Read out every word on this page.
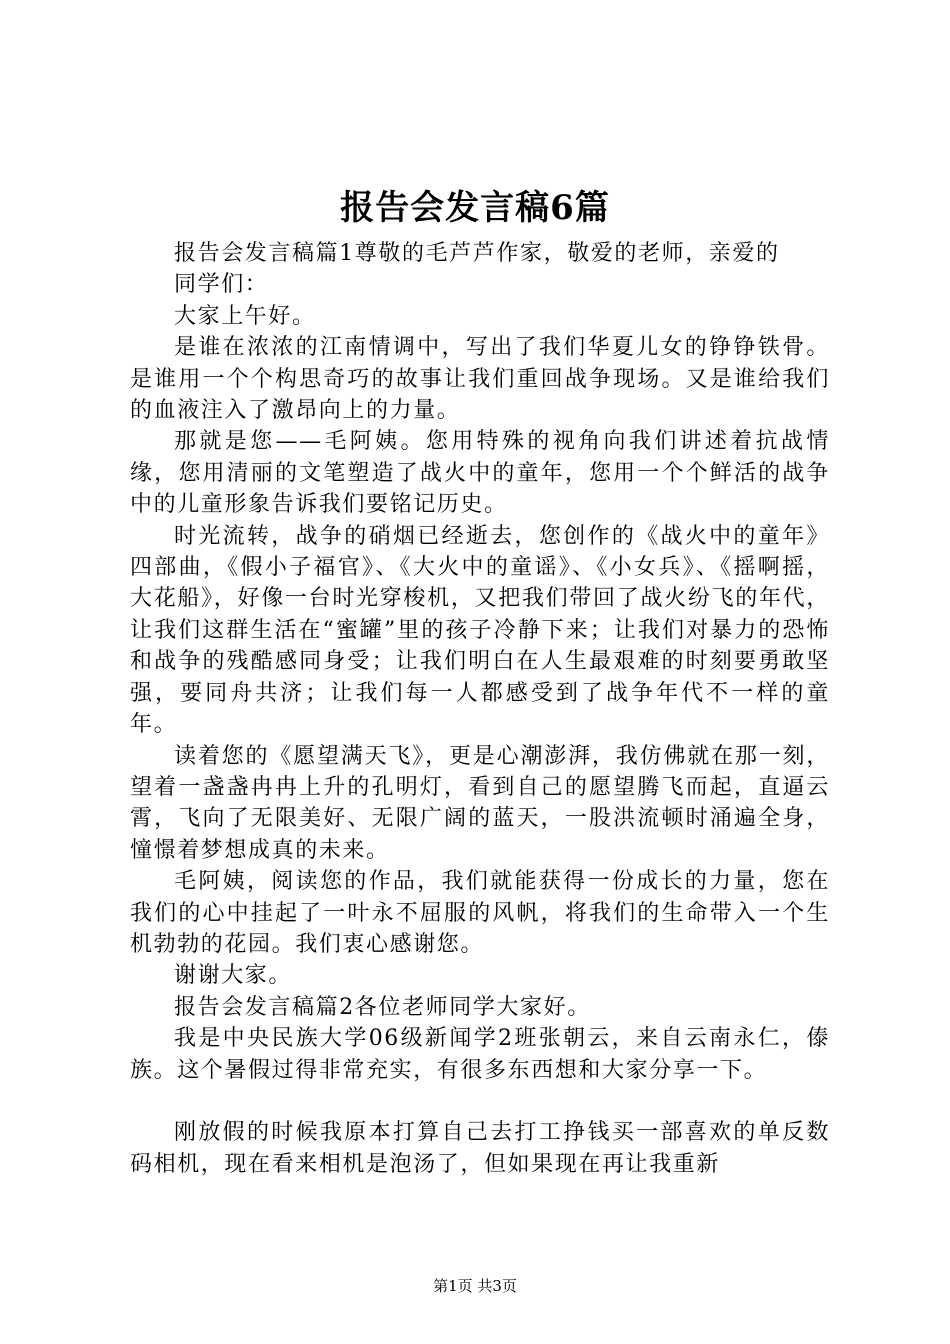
报告会发言稿6篇

报告会发言稿篇1尊敬的毛芦芦作家，敬爱的老师，亲爱的

同学们：

大家上午好。

是谁在浓浓的江南情调中，写出了我们华夏儿女的铮铮铁骨。是谁用一个个构思奇巧的故事让我们重回战争现场。又是谁给我们的血液注入了激昂向上的力量。

那就是您——毛阿姨。您用特殊的视角向我们讲述着抗战情缘，您用清丽的文笔塑造了战火中的童年，您用一个个鲜活的战争中的儿童形象告诉我们要铭记历史。

时光流转，战争的硝烟已经逝去，您创作的《战火中的童年》四部曲，《假小子福官》、《大火中的童谣》、《小女兵》、《摇啊摇，大花船》，好像一台时光穿梭机，又把我们带回了战火纷飞的年代，让我们这群生活在“蜜罐”里的孩子冷静下来；让我们对暴力的恐怖和战争的残酷感同身受；让我们明白在人生最艰难的时刻要勇敢坚强，要同舟共济；让我们每一人都感受到了战争年代不一样的童年。

读着您的《愿望满天飞》，更是心潮澎湃，我仿佛就在那一刻，望着一盏盏冉冉上升的孔明灯，看到自己的愿望腾飞而起，直逼云霄，飞向了无限美好、无限广阔的蓝天，一股洪流顿时涌遍全身，憧憬着梦想成真的未来。

毛阿姨，阅读您的作品，我们就能获得一份成长的力量，您在我们的心中挂起了一叶永不屈服的风帆，将我们的生命带入一个生机勃勃的花园。我们衷心感谢您。

谢谢大家。

报告会发言稿篇2各位老师同学大家好。

我是中央民族大学06级新闻学2班张朝云，来自云南永仁，傣族。这个暑假过得非常充实，有很多东西想和大家分享一下。

刚放假的时候我原本打算自己去打工挣钱买一部喜欢的单反数码相机，现在看来相机是泡汤了，但如果现在再让我重新

第1页 共3页
